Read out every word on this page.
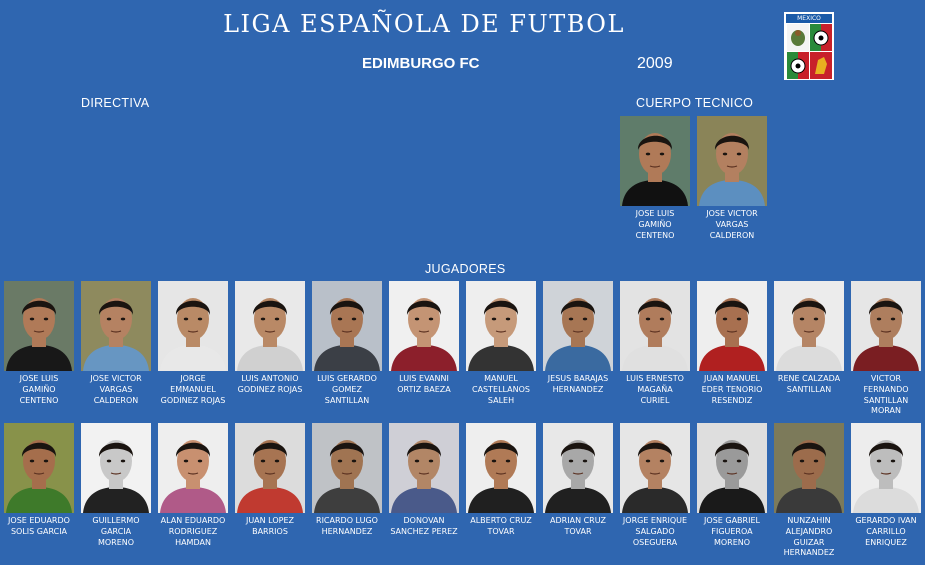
LIGA ESPAÑOLA DE FUTBOL
EDIMBURGO FC	2009
MEXICO
DIRECTIVA	CUERPO TECNICO
JUGADORES
JOSE LUIS
GAMIÑO
CENTENO
JOSE VICTOR
VARGAS
CALDERON
JOSE LUIS
GAMIÑO
CENTENO
JOSE VICTOR
VARGAS
CALDERON
JORGE
EMMANUEL
GODINEZ ROJAS
LUIS ANTONIO
GODINEZ ROJAS
LUIS GERARDO
GOMEZ
SANTILLAN
LUIS EVANNI
ORTIZ BAEZA
MANUEL
CASTELLANOS
SALEH
JESUS BARAJAS
HERNANDEZ
LUIS ERNESTO
MAGAÑA
CURIEL
JUAN MANUEL
EDER TENORIO
RESENDIZ
RENE CALZADA
SANTILLAN
VICTOR
FERNANDO
SANTILLAN
MORAN
JOSE EDUARDO
SOLIS GARCIA
GUILLERMO
GARCIA
MORENO
ALAN EDUARDO
RODRIGUEZ
HAMDAN
JUAN LOPEZ
BARRIOS
RICARDO LUGO
HERNANDEZ
DONOVAN
SANCHEZ PEREZ
ALBERTO CRUZ
TOVAR
ADRIAN CRUZ
TOVAR
JORGE ENRIQUE
SALGADO
OSEGUERA
JOSE GABRIEL
FIGUEROA
MORENO
NUNZAHIN
ALEJANDRO
GUIZAR
HERNANDEZ
GERARDO IVAN
CARRILLO
ENRIQUEZ
